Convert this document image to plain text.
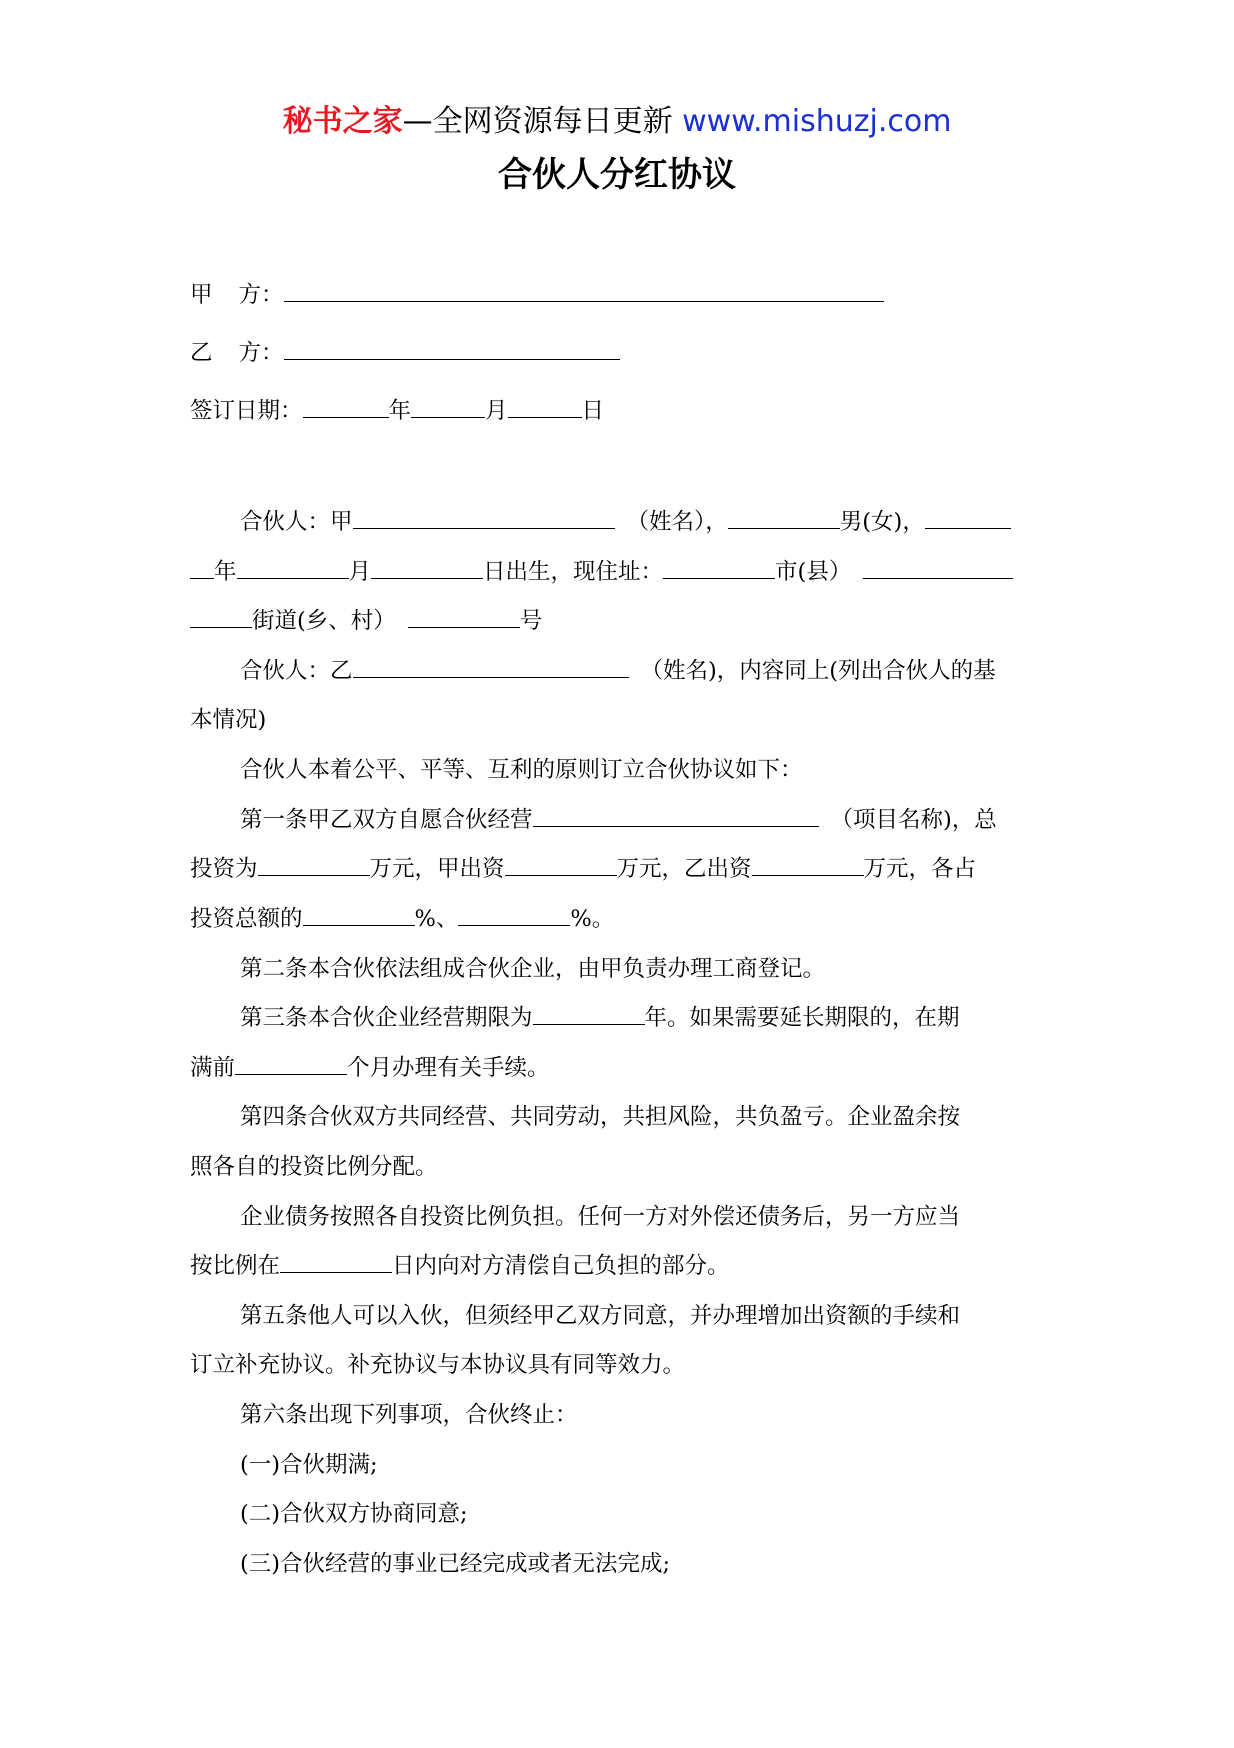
秘书之家—全网资源每日更新 www.mishuzj.com
合伙人分红协议
甲 方：
乙 方：
签订日期：	年	月	日
合伙人：甲	（姓名），	男(女)，
年	月	日出生，现住址：	市(县）
街道(乡、村）	号
合伙人：乙	（姓名)，内容同上(列出合伙人的基
本情况)
合伙人本着公平、平等、互利的原则订立合伙协议如下：
第一条甲乙双方自愿合伙经营	（项目名称)，总
投资为	万元，甲出资	万元，乙出资	万元，各占
投资总额的	%、	%。
第二条本合伙依法组成合伙企业，由甲负责办理工商登记。
第三条本合伙企业经营期限为	年。如果需要延长期限的，在期
满前	个月办理有关手续。
第四条合伙双方共同经营、共同劳动，共担风险，共负盈亏。企业盈余按
照各自的投资比例分配。
企业债务按照各自投资比例负担。任何一方对外偿还债务后，另一方应当
按比例在	日内向对方清偿自己负担的部分。
第五条他人可以入伙，但须经甲乙双方同意，并办理增加出资额的手续和
订立补充协议。补充协议与本协议具有同等效力。
第六条出现下列事项，合伙终止：
(一)合伙期满;
(二)合伙双方协商同意;
(三)合伙经营的事业已经完成或者无法完成;
